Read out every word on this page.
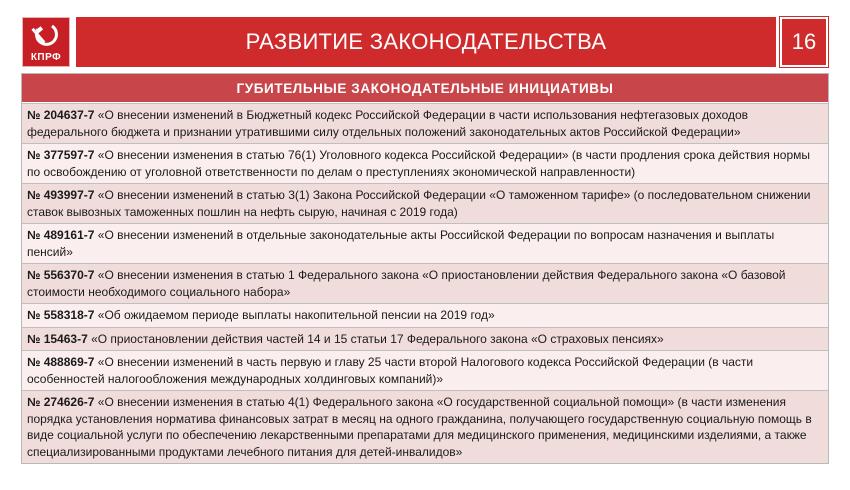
КПРФ
РАЗВИТИЕ ЗАКОНОДАТЕЛЬСТВА	16
ГУБИТЕЛЬНЫЕ ЗАКОНОДАТЕЛЬНЫЕ ИНИЦИАТИВЫ
№ 204637-7 «О внесении изменений в Бюджетный кодекс Российской Федерации в части использования нефтегазовых доходов федерального бюджета и признании утратившими силу отдельных положений законодательных актов Российской Федерации»
№ 377597-7 «О внесении изменения в статью 76(1) Уголовного кодекса Российской Федерации» (в части продления срока действия нормы по освобождению от уголовной ответственности по делам о преступлениях экономической направленности)
№ 493997-7 «О внесении изменений в статью 3(1) Закона Российской Федерации «О таможенном тарифе» (о последовательном снижении ставок вывозных таможенных пошлин на нефть сырую, начиная с 2019 года)
№ 489161-7 «О внесении изменений в отдельные законодательные акты Российской Федерации по вопросам назначения и выплаты пенсий»
№ 556370-7 «О внесении изменения в статью 1 Федерального закона «О приостановлении действия Федерального закона «О базовой стоимости необходимого социального набора»
№ 558318-7 «Об ожидаемом периоде выплаты накопительной пенсии на 2019 год»
№ 15463-7 «О приостановлении действия частей 14 и 15 статьи 17 Федерального закона «О страховых пенсиях»
№ 488869-7 «О внесении изменений в часть первую и главу 25 части второй Налогового кодекса Российской Федерации (в части особенностей налогообложения международных холдинговых компаний)»
№ 274626-7 «О внесении изменения в статью 4(1) Федерального закона «О государственной социальной помощи» (в части изменения порядка установления норматива финансовых затрат в месяц на одного гражданина, получающего государственную социальную помощь в виде социальной услуги по обеспечению лекарственными препаратами для медицинского применения, медицинскими изделиями, а также специализированными продуктами лечебного питания для детей-инвалидов»
